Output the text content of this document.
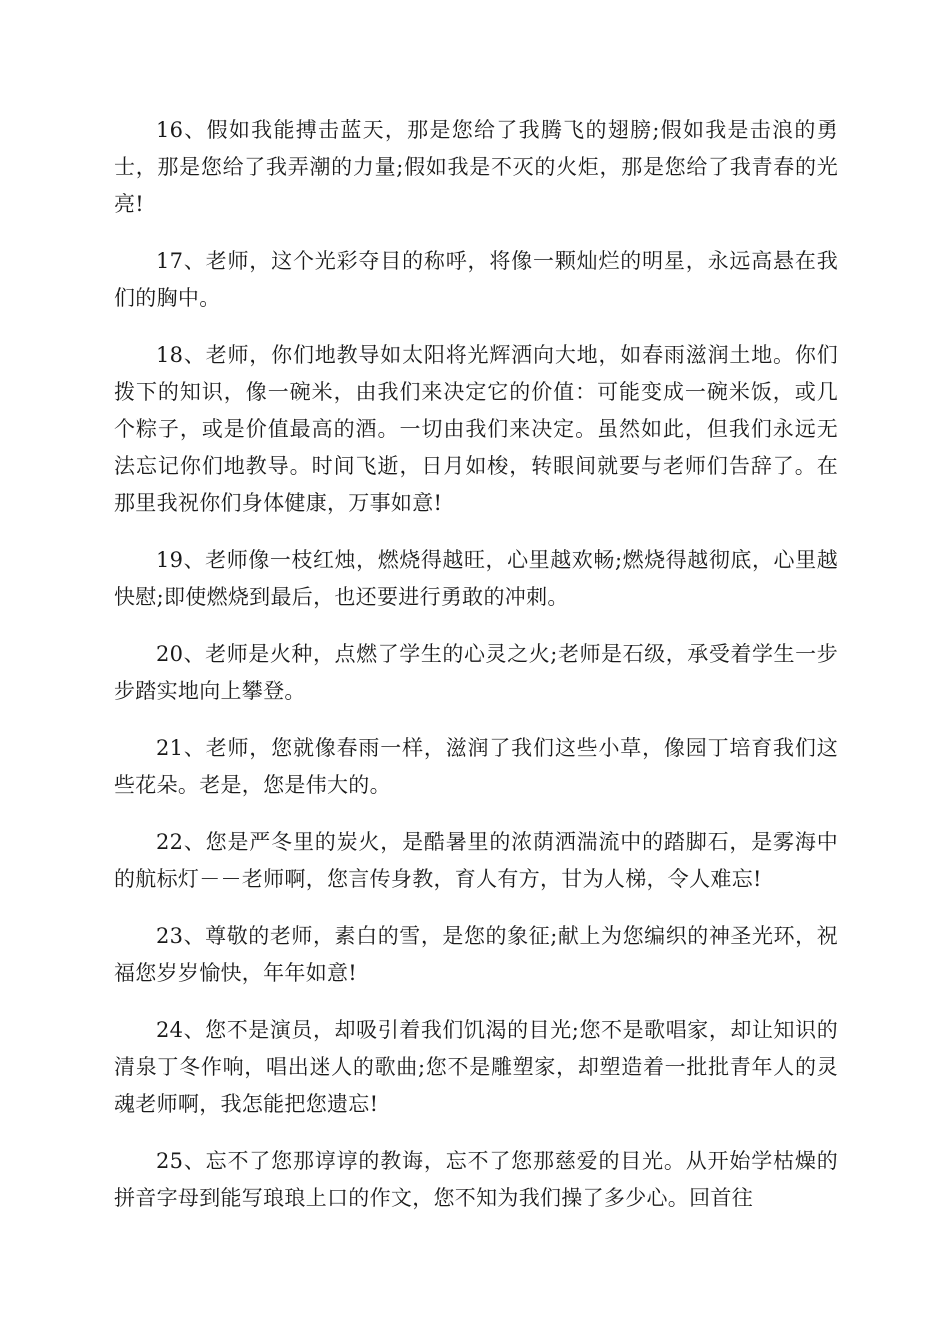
16、假如我能搏击蓝天，那是您给了我腾飞的翅膀;假如我是击浪的勇士，那是您给了我弄潮的力量;假如我是不灭的火炬，那是您给了我青春的光亮!

17、老师，这个光彩夺目的称呼，将像一颗灿烂的明星，永远高悬在我们的胸中。

18、老师，你们地教导如太阳将光辉洒向大地，如春雨滋润土地。你们拨下的知识，像一碗米，由我们来决定它的价值：可能变成一碗米饭，或几个粽子，或是价值最高的酒。一切由我们来决定。虽然如此，但我们永远无法忘记你们地教导。时间飞逝，日月如梭，转眼间就要与老师们告辞了。在那里我祝你们身体健康，万事如意!

19、老师像一枝红烛，燃烧得越旺，心里越欢畅;燃烧得越彻底，心里越快慰;即使燃烧到最后，也还要进行勇敢的冲刺。

20、老师是火种，点燃了学生的心灵之火;老师是石级，承受着学生一步步踏实地向上攀登。

21、老师，您就像春雨一样，滋润了我们这些小草，像园丁培育我们这些花朵。老是，您是伟大的。

22、您是严冬里的炭火，是酷暑里的浓荫洒湍流中的踏脚石，是雾海中的航标灯－－老师啊，您言传身教，育人有方，甘为人梯，令人难忘!

23、尊敬的老师，素白的雪，是您的象征;献上为您编织的神圣光环，祝福您岁岁愉快，年年如意!

24、您不是演员，却吸引着我们饥渴的目光;您不是歌唱家，却让知识的清泉丁冬作响，唱出迷人的歌曲;您不是雕塑家，却塑造着一批批青年人的灵魂老师啊，我怎能把您遗忘!

25、忘不了您那谆谆的教诲，忘不了您那慈爱的目光。从开始学枯燥的拼音字母到能写琅琅上口的作文，您不知为我们操了多少心。回首往
